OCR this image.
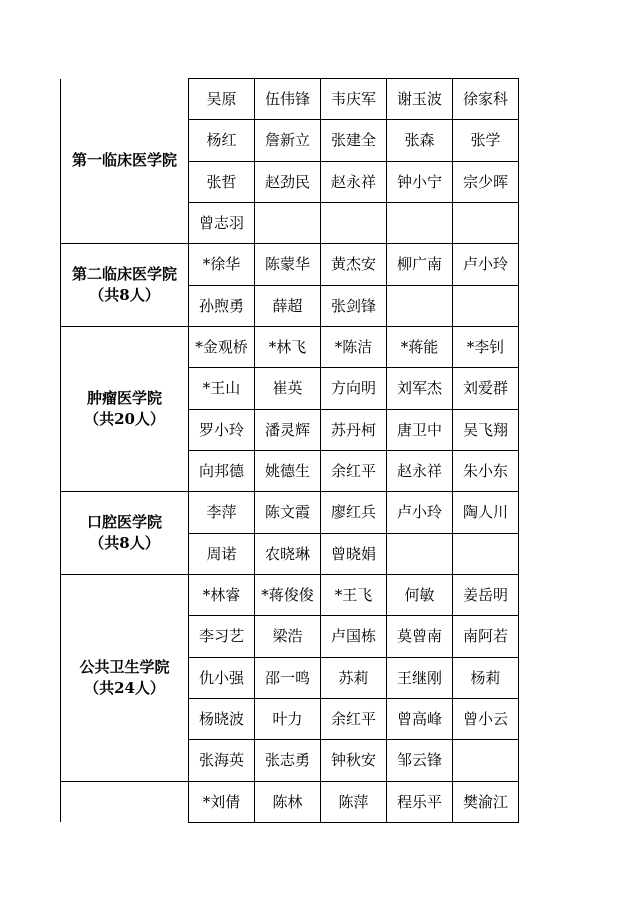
第一临床医学院	吴原	伍伟锋	韦庆军	谢玉波	徐家科
	杨红	詹新立	张建全	张森	张学
	张哲	赵劲民	赵永祥	钟小宁	宗少晖
	曾志羽				

第二临床医学院
（共8人）	*徐华	陈蒙华	黄杰安	柳广南	卢小玲
	孙煦勇	薛超	张剑锋		

肿瘤医学院
（共20人）	*金观桥	*林飞	*陈洁	*蒋能	*李钊
	*王山	崔英	方向明	刘军杰	刘爱群
	罗小玲	潘灵辉	苏丹柯	唐卫中	吴飞翔
	向邦德	姚德生	余红平	赵永祥	朱小东

口腔医学院
（共8人）	李萍	陈文霞	廖红兵	卢小玲	陶人川
	周诺	农晓琳	曾晓娟		

公共卫生学院
（共24人）	*林睿	*蒋俊俊	*王飞	何敏	姜岳明
	李习艺	梁浩	卢国栋	莫曾南	南阿若
	仇小强	邵一鸣	苏莉	王继刚	杨莉
	杨晓波	叶力	余红平	曾高峰	曾小云
	张海英	张志勇	钟秋安	邹云锋	
	*刘倩	陈林	陈萍	程乐平	樊渝江
